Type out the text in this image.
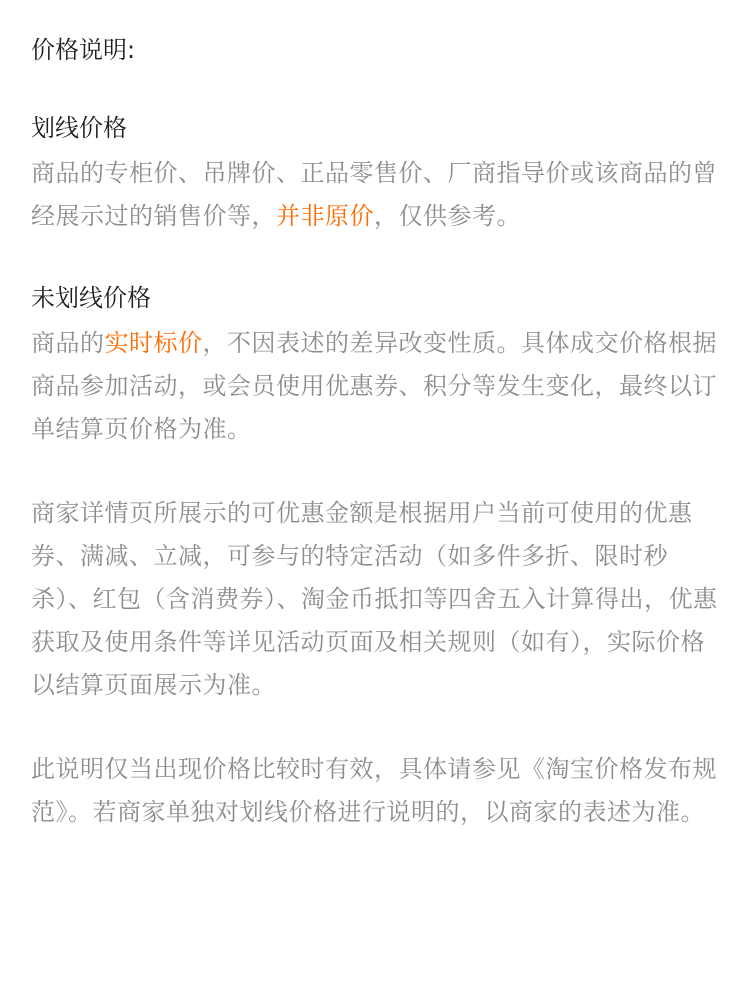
价格说明:
划线价格

商品的专柜价、吊牌价、正品零售价、厂商指导价或该商品的曾经展示过的销售价等，并非原价，仅供参考。

未划线价格

商品的实时标价，不因表述的差异改变性质。具体成交价格根据商品参加活动，或会员使用优惠券、积分等发生变化，最终以订单结算页价格为准。

商家详情页所展示的可优惠金额是根据用户当前可使用的优惠券、满减、立减，可参与的特定活动（如多件多折、限时秒杀）、红包（含消费券）、淘金币抵扣等四舍五入计算得出，优惠获取及使用条件等详见活动页面及相关规则（如有），实际价格以结算页面展示为准。

此说明仅当出现价格比较时有效，具体请参见《淘宝价格发布规范》。若商家单独对划线价格进行说明的，以商家的表述为准。
